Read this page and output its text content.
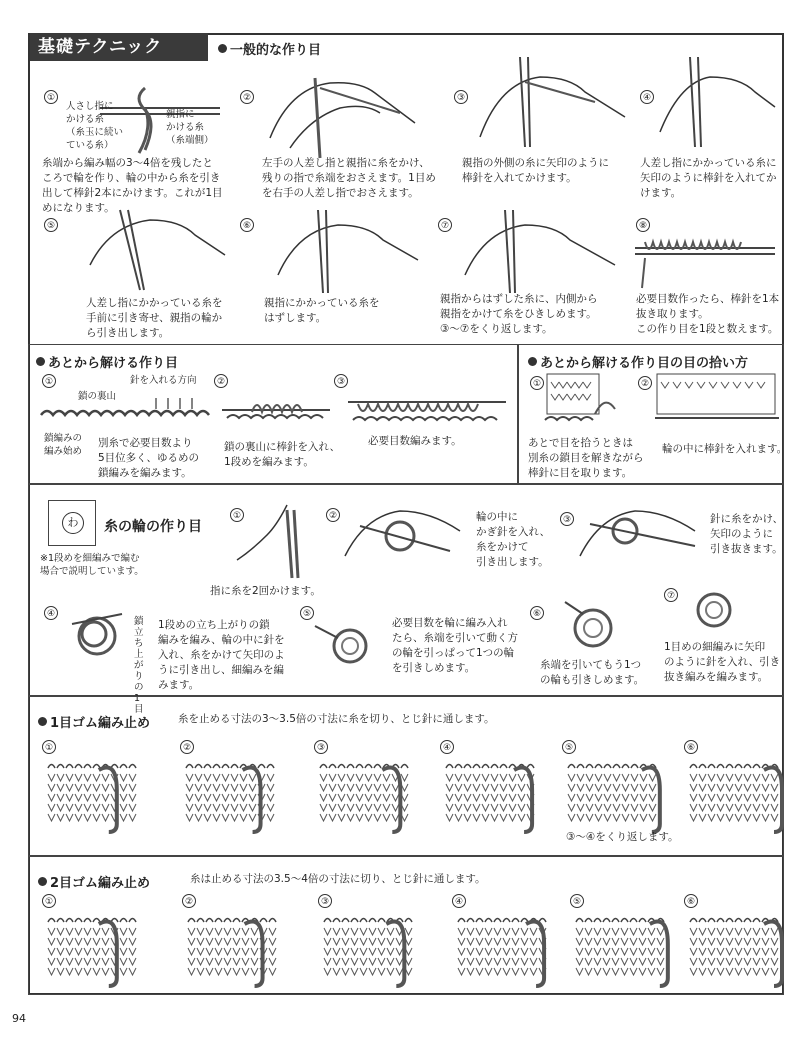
基礎テクニック	一般的な作り目
①	②	③	④
⑤	⑥	⑦	⑧
人さし指に
かける糸
（糸玉に続い
ている糸）
親指に
かける糸
（糸端側）
糸端から編み幅の3〜4倍を残したと
ころで輪を作り、輪の中から糸を引き
出して棒針2本にかけます。これが1目
めになります。
左手の人差し指と親指に糸をかけ、
残りの指で糸端をおさえます。1目め
を右手の人差し指でおさえます。
親指の外側の糸に矢印のように
棒針を入れてかけます。
人差し指にかかっている糸に
矢印のように棒針を入れてか
けます。
人差し指にかかっている糸を
手前に引き寄せ、親指の輪か
ら引き出します。
親指にかかっている糸を
はずします。
親指からはずした糸に、内側から
親指をかけて糸をひきしめます。
③〜⑦をくり返します。
必要目数作ったら、棒針を1本
抜き取ります。
この作り目を1段と数えます。
あとから解ける作り目
①	②	③
鎖の裏山
針を入れる方向
鎖編みの
編み始め
別糸で必要目数より
5目位多く、ゆるめの
鎖編みを編みます。
鎖の裏山に棒針を入れ、
1段めを編みます。
必要目数編みます。
あとから解ける作り目の目の拾い方
①	②
あとで目を拾うときは
別糸の鎖目を解きながら
棒針に目を取ります。
輪の中に棒針を入れます。
わ	糸の輪の作り目
※1段めを細編みで編む
場合で説明しています。
①	②	③
④	⑤	⑥
⑦
指に糸を2回かけます。
輪の中に
かぎ針を入れ、
糸をかけて
引き出します。
針に糸をかけ、
矢印のように
引き抜きます。
鎖立ち上がりの1目
1段めの立ち上がりの鎖
編みを編み、輪の中に針を
入れ、糸をかけて矢印のよ
うに引き出し、細編みを編
みます。
必要目数を輪に編み入れ
たら、糸端を引いて動く方
の輪を引っぱって1つの輪
を引きしめます。	糸端を引いてもう1つ
の輪も引きしめます。
1目めの細編みに矢印
のように針を入れ、引き
抜き編みを編みます。
1目ゴム編み止め	糸を止める寸法の3〜3.5倍の寸法に糸を切り、とじ針に通します。
①	②	③	④	⑤	⑥
③〜④をくり返します。
2目ゴム編み止め	糸は止める寸法の3.5〜4倍の寸法に切り、とじ針に通します。
①	②	③	④	⑤	⑥
94
